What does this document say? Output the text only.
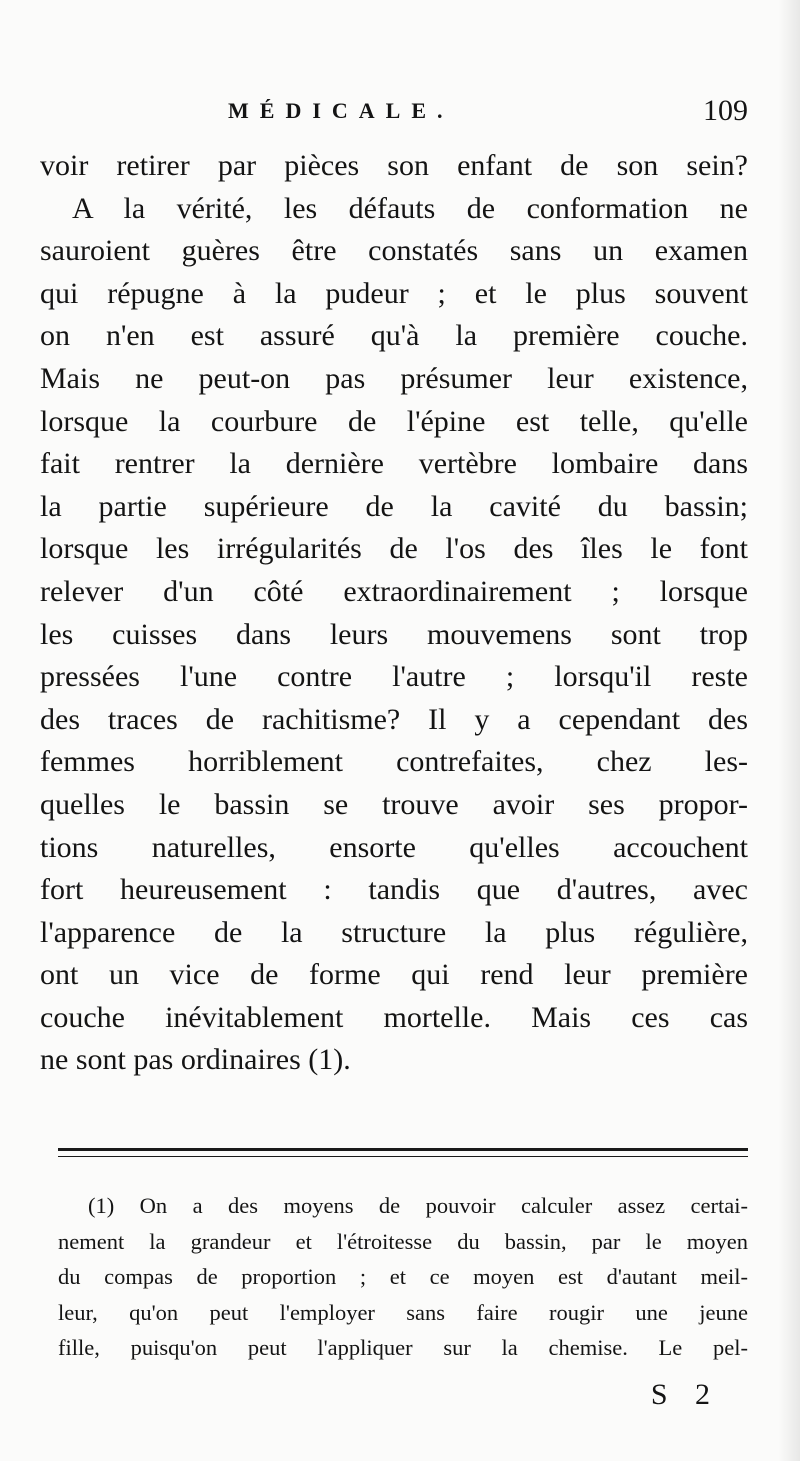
MÉDICALE.	109
voir retirer par pièces son enfant de son sein?
A la vérité, les défauts de conformation ne
sauroient guères être constatés sans un examen
qui répugne à la pudeur ; et le plus souvent
on n'en est assuré qu'à la première couche.
Mais ne peut-on pas présumer leur existence,
lorsque la courbure de l'épine est telle, qu'elle
fait rentrer la dernière vertèbre lombaire dans
la partie supérieure de la cavité du bassin;
lorsque les irrégularités de l'os des îles le font
relever d'un côté extraordinairement ; lorsque
les cuisses dans leurs mouvemens sont trop
pressées l'une contre l'autre ; lorsqu'il reste
des traces de rachitisme? Il y a cependant des
femmes horriblement contrefaites, chez les-
quelles le bassin se trouve avoir ses propor-
tions naturelles, ensorte qu'elles accouchent
fort heureusement : tandis que d'autres, avec
l'apparence de la structure la plus régulière,
ont un vice de forme qui rend leur première
couche inévitablement mortelle. Mais ces cas
ne sont pas ordinaires (1).
(1) On a des moyens de pouvoir calculer assez certai-
nement la grandeur et l'étroitesse du bassin, par le moyen
du compas de proportion ; et ce moyen est d'autant meil-
leur, qu'on peut l'employer sans faire rougir une jeune
fille, puisqu'on peut l'appliquer sur la chemise. Le pel-
S 2
